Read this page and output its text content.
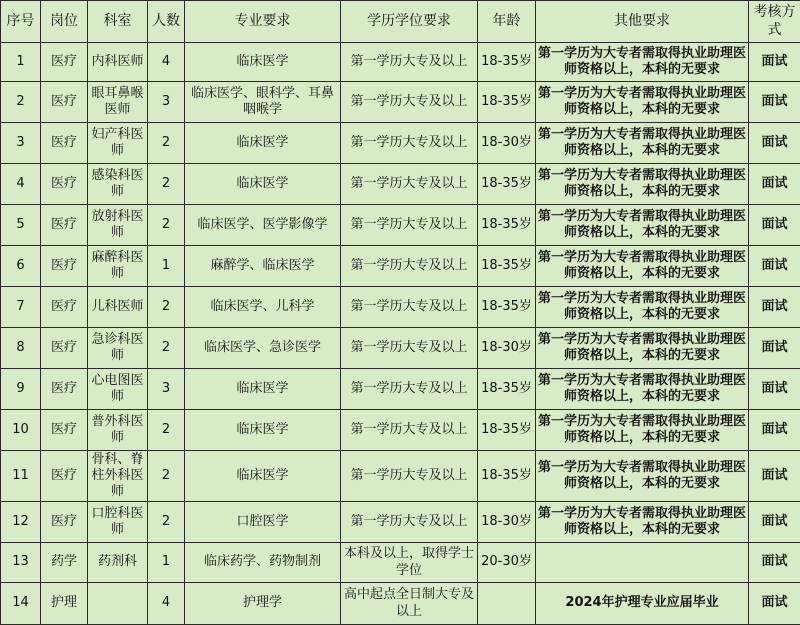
序号	岗位	科室	人数	专业要求	学历学位要求	年龄	其他要求	考核方式
1	医疗	内科医师	4	临床医学	第一学历大专及以上	18-35岁	第一学历为大专者需取得执业助理医师资格以上，本科的无要求	面试
2	医疗	眼耳鼻喉医师	3	临床医学、眼科学、耳鼻咽喉学	第一学历大专及以上	18-35岁	第一学历为大专者需取得执业助理医师资格以上，本科的无要求	面试
3	医疗	妇产科医师	2	临床医学	第一学历大专及以上	18-30岁	第一学历为大专者需取得执业助理医师资格以上，本科的无要求	面试
4	医疗	感染科医师	2	临床医学	第一学历大专及以上	18-35岁	第一学历为大专者需取得执业助理医师资格以上，本科的无要求	面试
5	医疗	放射科医师	2	临床医学、医学影像学	第一学历大专及以上	18-35岁	第一学历为大专者需取得执业助理医师资格以上，本科的无要求	面试
6	医疗	麻醉科医师	1	麻醉学、临床医学	第一学历大专及以上	18-35岁	第一学历为大专者需取得执业助理医师资格以上，本科的无要求	面试
7	医疗	儿科医师	2	临床医学、儿科学	第一学历大专及以上	18-35岁	第一学历为大专者需取得执业助理医师资格以上，本科的无要求	面试
8	医疗	急诊科医师	2	临床医学、急诊医学	第一学历大专及以上	18-30岁	第一学历为大专者需取得执业助理医师资格以上，本科的无要求	面试
9	医疗	心电图医师	3	临床医学	第一学历大专及以上	18-35岁	第一学历为大专者需取得执业助理医师资格以上，本科的无要求	面试
10	医疗	普外科医师	2	临床医学	第一学历大专及以上	18-35岁	第一学历为大专者需取得执业助理医师资格以上，本科的无要求	面试
11	医疗	骨科、脊柱外科医师	2	临床医学	第一学历大专及以上	18-35岁	第一学历为大专者需取得执业助理医师资格以上，本科的无要求	面试
12	医疗	口腔科医师	2	口腔医学	第一学历大专及以上	18-30岁	第一学历为大专者需取得执业助理医师资格以上，本科的无要求	面试
13	药学	药剂科	1	临床药学、药物制剂	本科及以上，取得学士学位	20-30岁		面试
14	护理		4	护理学	高中起点全日制大专及以上		2024年护理专业应届毕业	面试
